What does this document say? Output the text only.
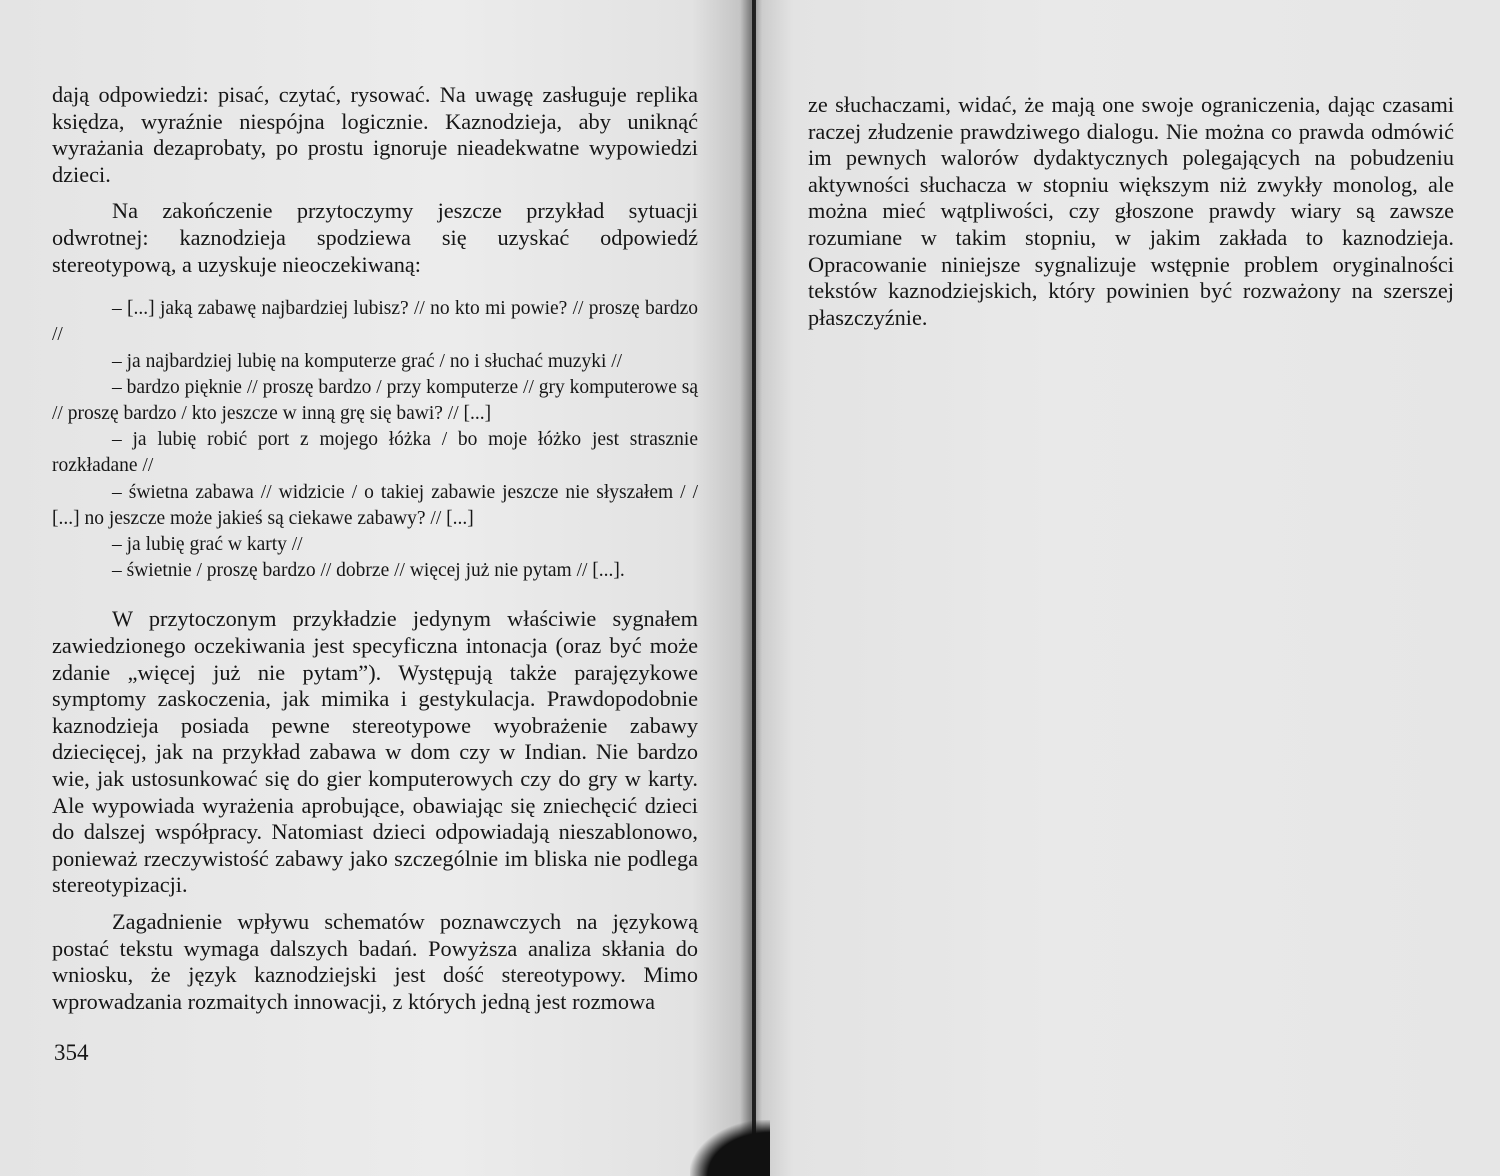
dają odpowiedzi: pisać, czytać, rysować. Na uwagę zasługuje replika księdza, wyraźnie niespójna logicznie. Kaznodzieja, aby uniknąć wyrażania dezaprobaty, po prostu ignoruje nieadekwatne wypowiedzi dzieci.

Na zakończenie przytoczymy jeszcze przykład sytuacji odwrotnej: kaznodzieja spodziewa się uzyskać odpowiedź stereotypową, a uzyskuje nieoczekiwaną:

– [...] jaką zabawę najbardziej lubisz? // no kto mi powie? // proszę bardzo //

– ja najbardziej lubię na komputerze grać / no i słuchać muzyki //

– bardzo pięknie // proszę bardzo / przy komputerze // gry komputerowe są // proszę bardzo / kto jeszcze w inną grę się bawi? // [...]

– ja lubię robić port z mojego łóżka / bo moje łóżko jest strasznie rozkładane //

– świetna zabawa // widzicie / o takiej zabawie jeszcze nie słyszałem / / [...] no jeszcze może jakieś są ciekawe zabawy? // [...]

– ja lubię grać w karty //

– świetnie / proszę bardzo // dobrze // więcej już nie pytam // [...].

W przytoczonym przykładzie jedynym właściwie sygnałem zawiedzionego oczekiwania jest specyficzna intonacja (oraz być może zdanie „więcej już nie pytam”). Występują także parajęzykowe symptomy zaskoczenia, jak mimika i gestykulacja. Prawdopodobnie kaznodzieja posiada pewne stereotypowe wyobrażenie zabawy dziecięcej, jak na przykład zabawa w dom czy w Indian. Nie bardzo wie, jak ustosunkować się do gier komputerowych czy do gry w karty. Ale wypowiada wyrażenia aprobujące, obawiając się zniechęcić dzieci do dalszej współpracy. Natomiast dzieci odpowiadają nieszablonowo, ponieważ rzeczywistość zabawy jako szczególnie im bliska nie podlega stereotypizacji.

Zagadnienie wpływu schematów poznawczych na językową postać tekstu wymaga dalszych badań. Powyższa analiza skłania do wniosku, że język kaznodziejski jest dość stereotypowy. Mimo wprowadzania rozmaitych innowacji, z których jedną jest rozmowa

354

ze słuchaczami, widać, że mają one swoje ograniczenia, dając czasami raczej złudzenie prawdziwego dialogu. Nie można co prawda odmówić im pewnych walorów dydaktycznych polegających na pobudzeniu aktywności słuchacza w stopniu większym niż zwykły monolog, ale można mieć wątpliwości, czy głoszone prawdy wiary są zawsze rozumiane w takim stopniu, w jakim zakłada to kaznodzieja. Opracowanie niniejsze sygnalizuje wstępnie problem oryginalności tekstów kaznodziejskich, który powinien być rozważony na szerszej płaszczyźnie.
